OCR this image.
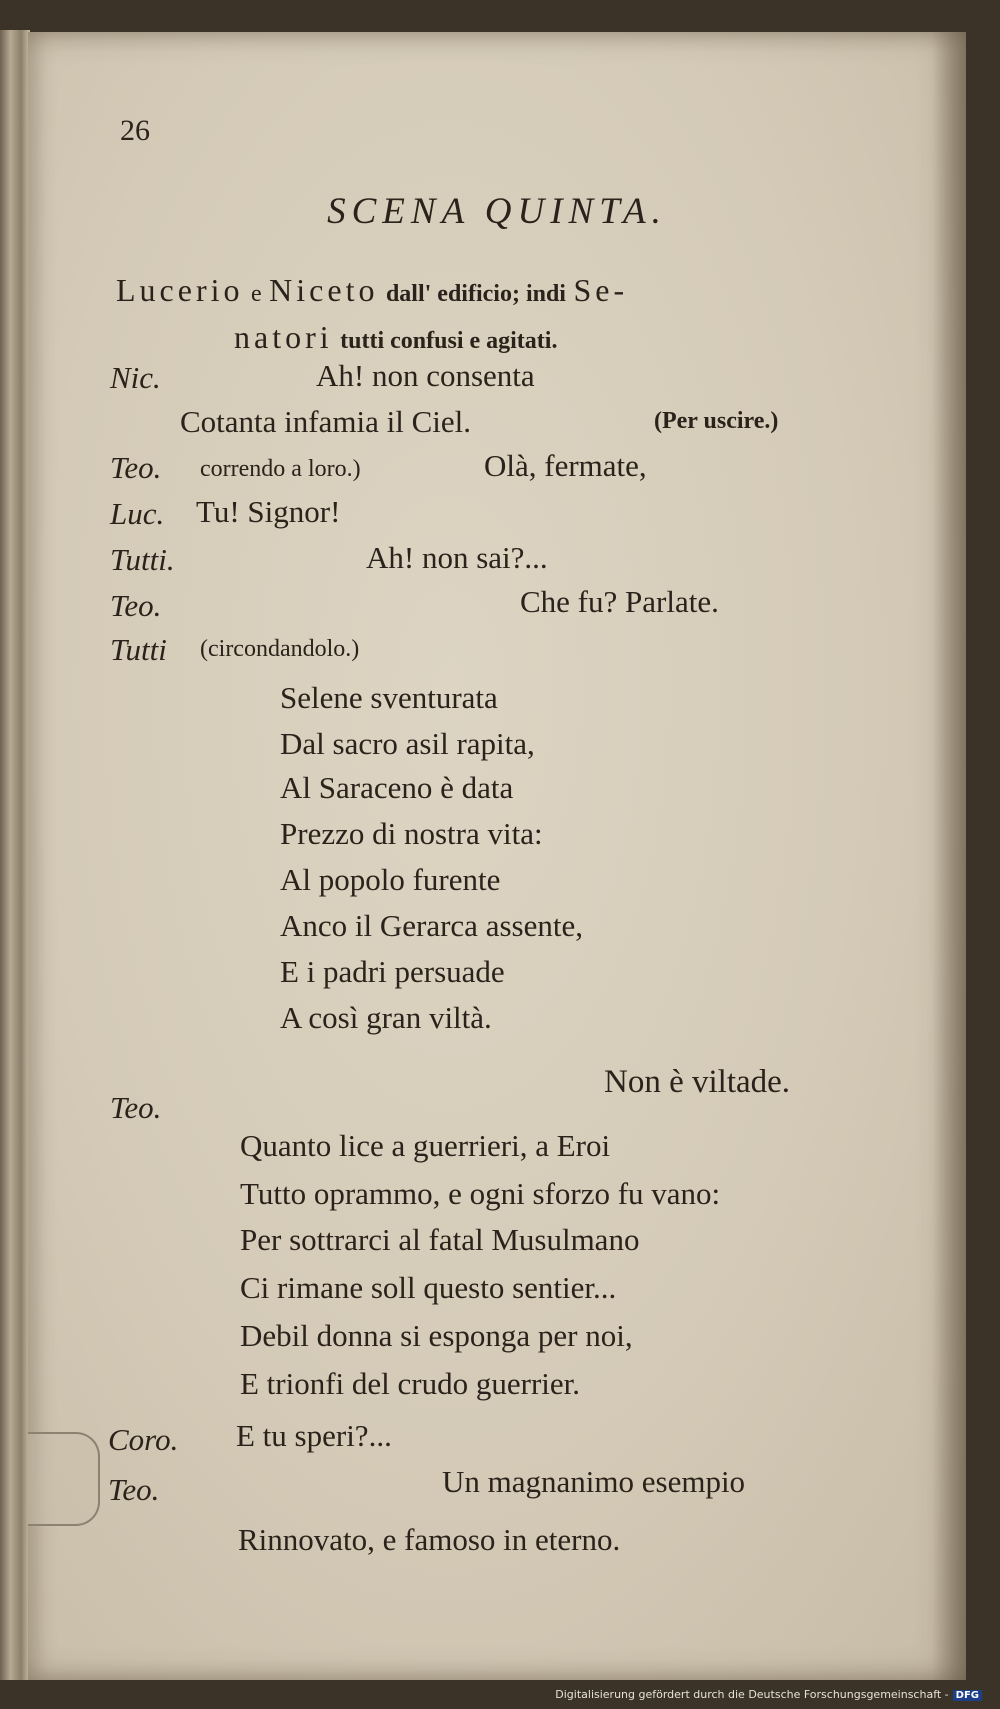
26
SCENA QUINTA.
Lucerio e Niceto dall' edificio; indi Se-
natori tutti confusi e agitati.
Nic.	Ah! non consenta
Cotanta infamia il Ciel.	(Per uscire.)
Teo. correndo a loro.)	Olà, fermate,
Luc. Tu! Signor!
Tutti.	Ah! non sai?...
Teo.	Che fu? Parlate.
Tutti (circondandolo.)
Selene sventurata
Dal sacro asil rapita,
Al Saraceno è data
Prezzo di nostra vita:
Al popolo furente
Anco il Gerarca assente,
E i padri persuade
A così gran viltà.
Teo.
Non è viltade.
Quanto lice a guerrieri, a Eroi
Tutto oprammo, e ogni sforzo fu vano:
Per sottrarci al fatal Musulmano
Ci rimane soll questo sentier...
Debil donna si esponga per noi,
E trionfi del crudo guerrier.
Coro. E tu speri?...
Teo.	Un magnanimo esempio
Rinnovato, e famoso in eterno.
Digitalisierung gefördert durch die Deutsche Forschungsgemeinschaft - DFG
